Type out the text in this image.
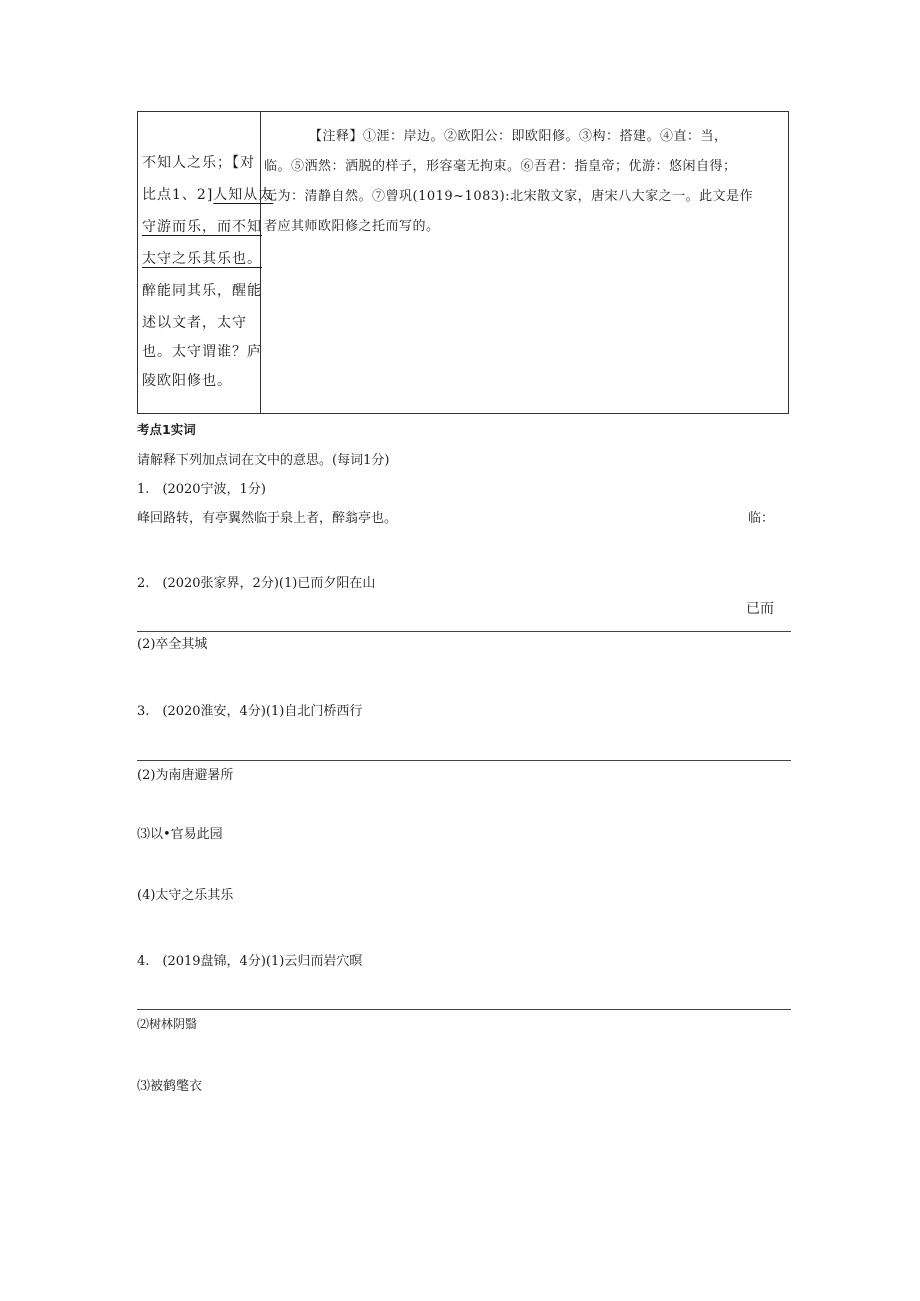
不知人之乐；【对
比点1、2]人知从太
守游而乐，而不知
太守之乐其乐也。
醉能同其乐，醒能
述以文者，太守
也。太守谓谁？庐
陵欧阳修也。
【注释】①涯：岸边。②欧阳公：即欧阳修。③构：搭建。④直：当，
临。⑤洒然：洒脱的样子，形容毫无拘束。⑥吾君：指皇帝；优游：悠闲自得；
无为：清静自然。⑦曾巩(1019~1083):北宋散文家，唐宋八大家之一。此文是作
者应其师欧阳修之托而写的。
考点1实词
请解释下列加点词在文中的意思。(每词1分)
1.　(2020宁波，1分)
峰回路转，有亭翼然临于泉上者，醉翁亭也。	临：
2.　(2020张家界，2分)(1)已而夕阳在山
已而
(2)卒全其城
3.　(2020淮安，4分)(1)自北门桥西行
(2)为南唐避暑所
⑶以•官易此园
(4)太守之乐其乐
4.　(2019盘锦，4分)(1)云归而岩穴暝
⑵树林阴翳
⑶被鹤氅衣
